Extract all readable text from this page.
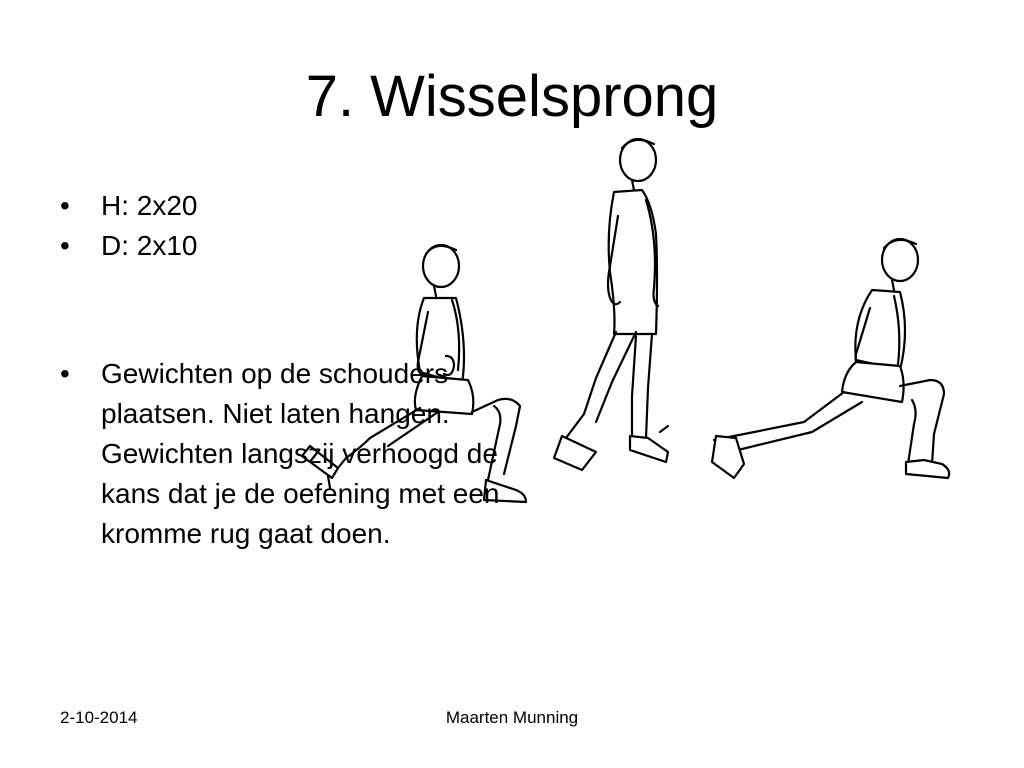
7. Wisselsprong
• H: 2x20
• D: 2x10
• Gewichten op de schouders plaatsen. Niet laten hangen. Gewichten langszij verhoogd de kans dat je de oefening met een kromme rug gaat doen.
2-10-2014	Maarten Munning
